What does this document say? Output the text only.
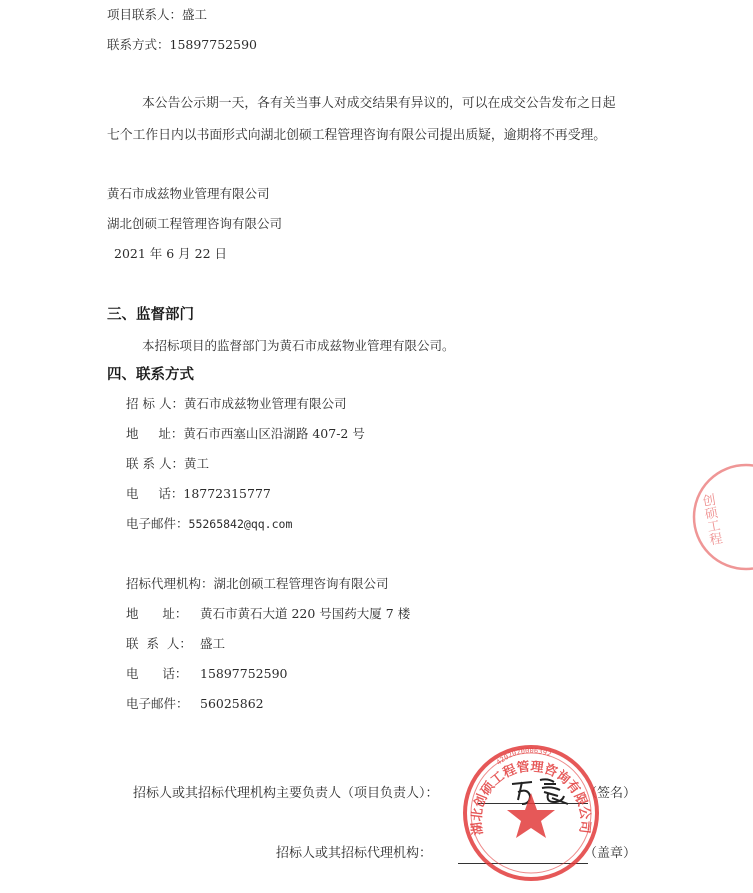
项目联系人：盛工
联系方式：15897752590
本公告公示期一天，各有关当事人对成交结果有异议的，可以在成交公告发布之日起
七个工作日内以书面形式向湖北创硕工程管理咨询有限公司提出质疑，逾期将不再受理。
黄石市成兹物业管理有限公司
湖北创硕工程管理咨询有限公司
2021 年 6 月 22 日
三、监督部门
本招标项目的监督部门为黄石市成兹物业管理有限公司。
四、联系方式
招 标 人：黄石市成兹物业管理有限公司
地     址：黄石市西塞山区沿湖路 407-2 号
联 系 人：黄工
电     话：18772315777
电子邮件：55265842@qq.com
招标代理机构：湖北创硕工程管理咨询有限公司
地      址： 黄石市黄石大道 220 号国药大厦 7 楼
联  系  人： 盛工
电      话： 15897752590
电子邮件： 56025862
招标人或其招标代理机构主要负责人（项目负责人）：	（签名）
招标人或其招标代理机构：	（盖章）
湖北创硕工程管理咨询有限公司
4202020006392
创硕工程
